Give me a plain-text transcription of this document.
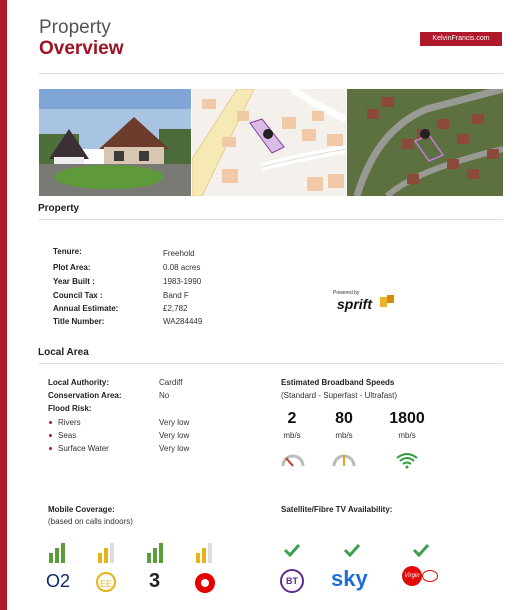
Property
Overview	KelvinFrancis.com
Property
Tenure:	Freehold
Plot Area:	0.08 acres
Year Built :	1983-1990
Council Tax :	Band F
Annual Estimate:	£2,782
Title Number:	WA284449
Powered by
sprift
Local Area
Local Authority:	Cardiff
Conservation Area:	No
Flood Risk:
Rivers	Very low
Seas	Very low
Surface Water	Very low
Estimated Broadband Speeds
(Standard - Superfast - Ultrafast)
2
mb/s
80
mb/s
1800
mb/s
Mobile Coverage:
(based on calls indoors)
O2	EE 3
Satellite/Fibre TV Availability:
BT sky	Virgin
